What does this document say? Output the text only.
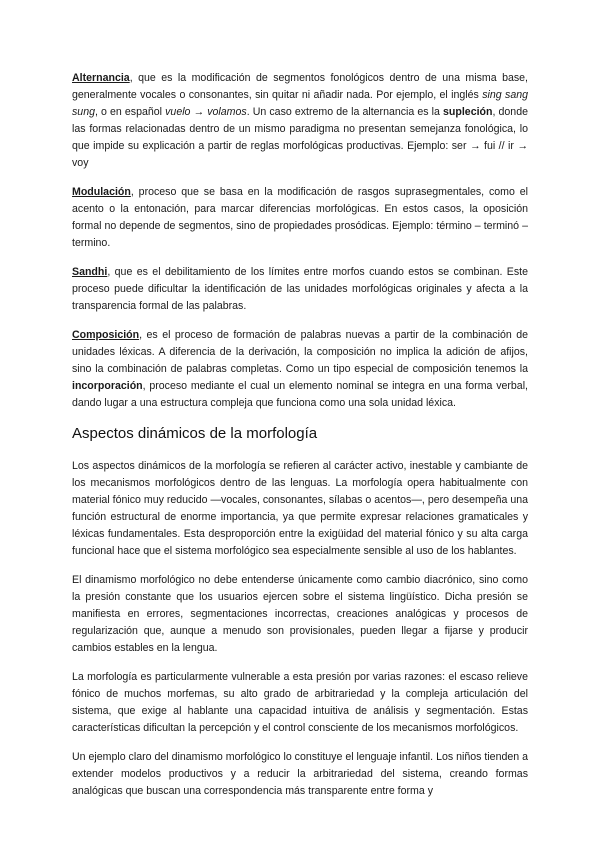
Alternancia, que es la modificación de segmentos fonológicos dentro de una misma base, generalmente vocales o consonantes, sin quitar ni añadir nada. Por ejemplo, el inglés sing sang sung, o en español vuelo → volamos. Un caso extremo de la alternancia es la supleción, donde las formas relacionadas dentro de un mismo paradigma no presentan semejanza fonológica, lo que impide su explicación a partir de reglas morfológicas productivas. Ejemplo: ser → fui // ir → voy

Modulación, proceso que se basa en la modificación de rasgos suprasegmentales, como el acento o la entonación, para marcar diferencias morfológicas. En estos casos, la oposición formal no depende de segmentos, sino de propiedades prosódicas. Ejemplo: término – terminó – termino.

Sandhi, que es el debilitamiento de los límites entre morfos cuando estos se combinan. Este proceso puede dificultar la identificación de las unidades morfológicas originales y afecta a la transparencia formal de las palabras.

Composición, es el proceso de formación de palabras nuevas a partir de la combinación de unidades léxicas. A diferencia de la derivación, la composición no implica la adición de afijos, sino la combinación de palabras completas. Como un tipo especial de composición tenemos la incorporación, proceso mediante el cual un elemento nominal se integra en una forma verbal, dando lugar a una estructura compleja que funciona como una sola unidad léxica.

Aspectos dinámicos de la morfología

Los aspectos dinámicos de la morfología se refieren al carácter activo, inestable y cambiante de los mecanismos morfológicos dentro de las lenguas. La morfología opera habitualmente con material fónico muy reducido —vocales, consonantes, sílabas o acentos—, pero desempeña una función estructural de enorme importancia, ya que permite expresar relaciones gramaticales y léxicas fundamentales. Esta desproporción entre la exigüidad del material fónico y su alta carga funcional hace que el sistema morfológico sea especialmente sensible al uso de los hablantes.

El dinamismo morfológico no debe entenderse únicamente como cambio diacrónico, sino como la presión constante que los usuarios ejercen sobre el sistema lingüístico. Dicha presión se manifiesta en errores, segmentaciones incorrectas, creaciones analógicas y procesos de regularización que, aunque a menudo son provisionales, pueden llegar a fijarse y producir cambios estables en la lengua.

La morfología es particularmente vulnerable a esta presión por varias razones: el escaso relieve fónico de muchos morfemas, su alto grado de arbitrariedad y la compleja articulación del sistema, que exige al hablante una capacidad intuitiva de análisis y segmentación. Estas características dificultan la percepción y el control consciente de los mecanismos morfológicos.

Un ejemplo claro del dinamismo morfológico lo constituye el lenguaje infantil. Los niños tienden a extender modelos productivos y a reducir la arbitrariedad del sistema, creando formas analógicas que buscan una correspondencia más transparente entre forma y
